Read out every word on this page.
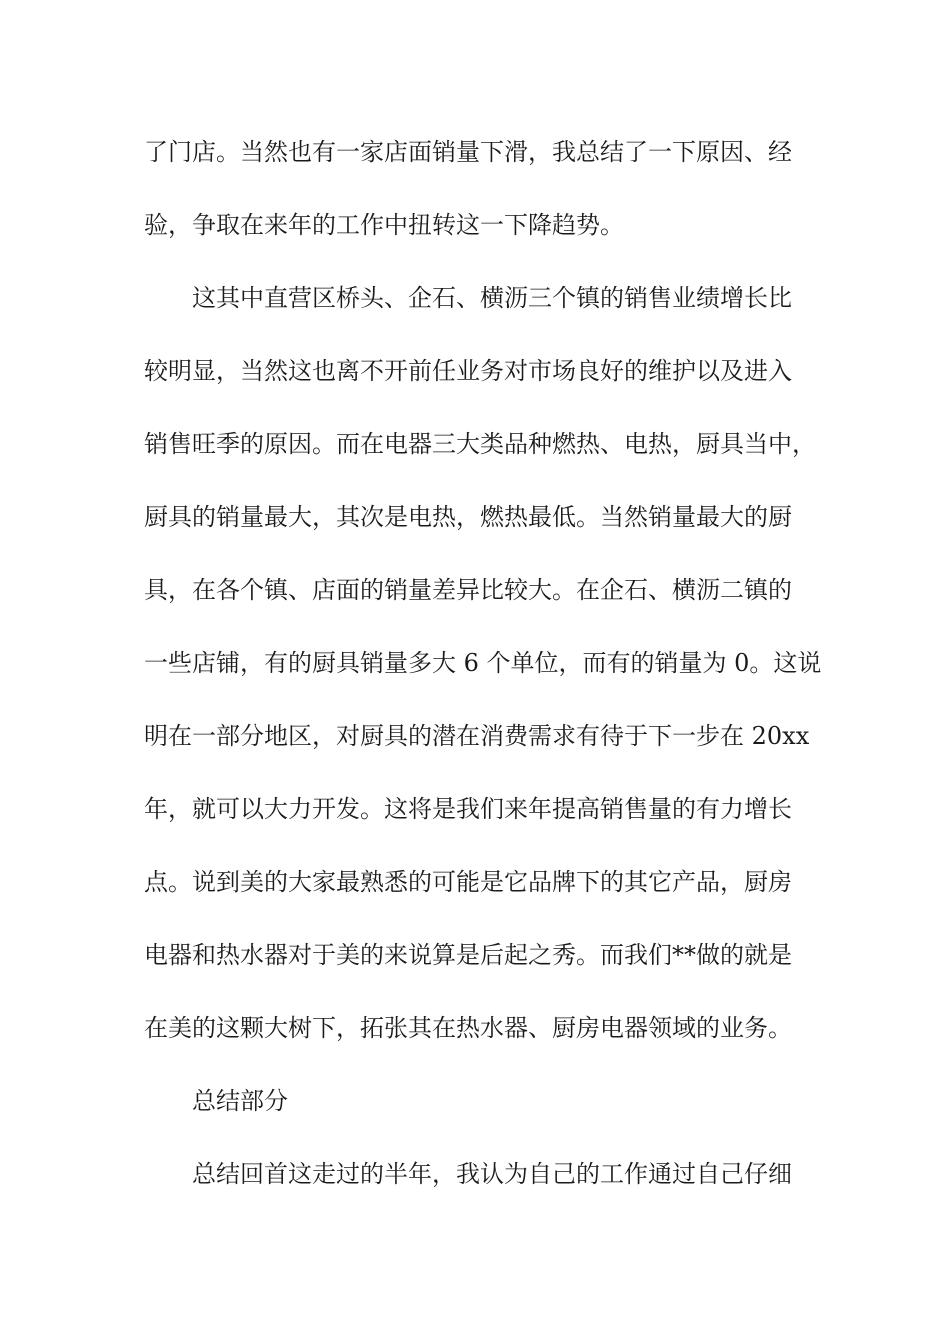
了门店。当然也有一家店面销量下滑，我总结了一下原因、经
验，争取在来年的工作中扭转这一下降趋势。
这其中直营区桥头、企石、横沥三个镇的销售业绩增长比
较明显，当然这也离不开前任业务对市场良好的维护以及进入
销售旺季的原因。而在电器三大类品种燃热、电热，厨具当中，
厨具的销量最大，其次是电热，燃热最低。当然销量最大的厨
具，在各个镇、店面的销量差异比较大。在企石、横沥二镇的
一些店铺，有的厨具销量多大 6 个单位，而有的销量为 0。这说
明在一部分地区，对厨具的潜在消费需求有待于下一步在 20xx
年，就可以大力开发。这将是我们来年提高销售量的有力增长
点。说到美的大家最熟悉的可能是它品牌下的其它产品，厨房
电器和热水器对于美的来说算是后起之秀。而我们**做的就是
在美的这颗大树下，拓张其在热水器、厨房电器领域的业务。
总结部分
总结回首这走过的半年，我认为自己的工作通过自己仔细
